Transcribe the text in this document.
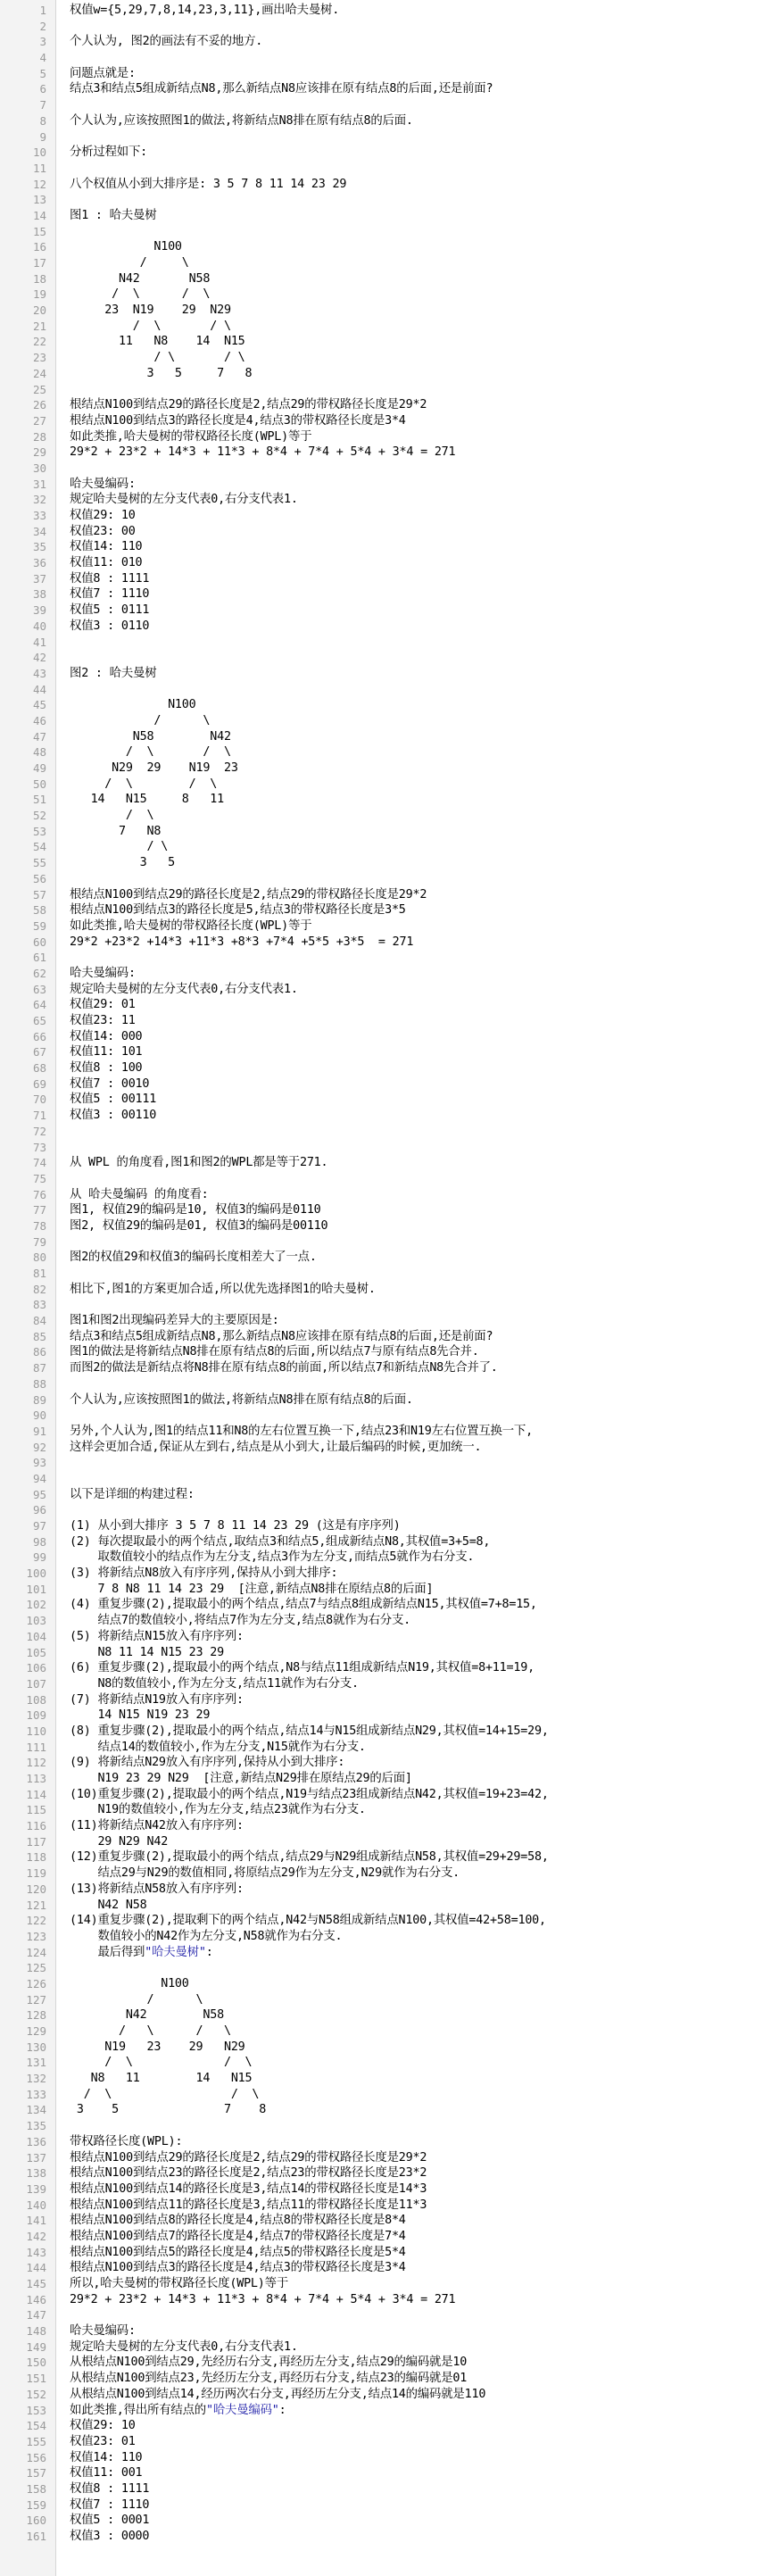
1 权值w={5,29,7,8,14,23,3,11},画出哈夫曼树.
2
3 个人认为, 图2的画法有不妥的地方.
4
5 问题点就是:
6 结点3和结点5组成新结点N8,那么新结点N8应该排在原有结点8的后面,还是前面?
7
8 个人认为,应该按照图1的做法,将新结点N8排在原有结点8的后面.
9
10 分析过程如下:
11
12 八个权值从小到大排序是: 3 5 7 8 11 14 23 29
13
14 图1 : 哈夫曼树
15
16 N100
17 /     \
18 N42       N58
19 /  \      /  \
20 23  N19    29  N29
21 /  \       / \
22 11   N8    14  N15
23 / \       / \
24 3   5     7   8
25
26 根结点N100到结点29的路径长度是2,结点29的带权路径长度是29*2
27 根结点N100到结点3的路径长度是4,结点3的带权路径长度是3*4
28 如此类推,哈夫曼树的带权路径长度(WPL)等于
29 29*2 + 23*2 + 14*3 + 11*3 + 8*4 + 7*4 + 5*4 + 3*4 = 271
30
31 哈夫曼编码:
32 规定哈夫曼树的左分支代表0,右分支代表1.
33 权值29: 10
34 权值23: 00
35 权值14: 110
36 权值11: 010
37 权值8 : 1111
38 权值7 : 1110
39 权值5 : 0111
40 权值3 : 0110
41
42
43 图2 : 哈夫曼树
44
45 N100
46 /      \
47 N58        N42
48 /  \       /  \
49 N29  29    N19  23
50 /  \        /  \
51 14   N15     8   11
52 /  \
53 7   N8
54 / \
55 3   5
56
57 根结点N100到结点29的路径长度是2,结点29的带权路径长度是29*2
58 根结点N100到结点3的路径长度是5,结点3的带权路径长度是3*5
59 如此类推,哈夫曼树的带权路径长度(WPL)等于
60 29*2 +23*2 +14*3 +11*3 +8*3 +7*4 +5*5 +3*5  = 271
61
62 哈夫曼编码:
63 规定哈夫曼树的左分支代表0,右分支代表1.
64 权值29: 01
65 权值23: 11
66 权值14: 000
67 权值11: 101
68 权值8 : 100
69 权值7 : 0010
70 权值5 : 00111
71 权值3 : 00110
72
73
74 从 WPL 的角度看,图1和图2的WPL都是等于271.
75
76 从 哈夫曼编码 的角度看:
77 图1, 权值29的编码是10, 权值3的编码是0110
78 图2, 权值29的编码是01, 权值3的编码是00110
79
80 图2的权值29和权值3的编码长度相差大了一点.
81
82 相比下,图1的方案更加合适,所以优先选择图1的哈夫曼树.
83
84 图1和图2出现编码差异大的主要原因是:
85 结点3和结点5组成新结点N8,那么新结点N8应该排在原有结点8的后面,还是前面?
86 图1的做法是将新结点N8排在原有结点8的后面,所以结点7与原有结点8先合并.
87 而图2的做法是新结点将N8排在原有结点8的前面,所以结点7和新结点N8先合并了.
88
89 个人认为,应该按照图1的做法,将新结点N8排在原有结点8的后面.
90
91 另外,个人认为,图1的结点11和N8的左右位置互换一下,结点23和N19左右位置互换一下,
92 这样会更加合适,保证从左到右,结点是从小到大,让最后编码的时候,更加统一.
93
94
95 以下是详细的构建过程:
96
97 (1) 从小到大排序 3 5 7 8 11 14 23 29 (这是有序序列)
98 (2) 每次提取最小的两个结点,取结点3和结点5,组成新结点N8,其权值=3+5=8,
99 取数值较小的结点作为左分支,结点3作为左分支,而结点5就作为右分支.
100 (3) 将新结点N8放入有序序列,保持从小到大排序:
101 7 8 N8 11 14 23 29  [注意,新结点N8排在原结点8的后面]
102 (4) 重复步骤(2),提取最小的两个结点,结点7与结点8组成新结点N15,其权值=7+8=15,
103 结点7的数值较小,将结点7作为左分支,结点8就作为右分支.
104 (5) 将新结点N15放入有序序列:
105 N8 11 14 N15 23 29
106 (6) 重复步骤(2),提取最小的两个结点,N8与结点11组成新结点N19,其权值=8+11=19,
107 N8的数值较小,作为左分支,结点11就作为右分支.
108 (7) 将新结点N19放入有序序列:
109 14 N15 N19 23 29
110 (8) 重复步骤(2),提取最小的两个结点,结点14与N15组成新结点N29,其权值=14+15=29,
111 结点14的数值较小,作为左分支,N15就作为右分支.
112 (9) 将新结点N29放入有序序列,保持从小到大排序:
113 N19 23 29 N29  [注意,新结点N29排在原结点29的后面]
114 (10)重复步骤(2),提取最小的两个结点,N19与结点23组成新结点N42,其权值=19+23=42,
115 N19的数值较小,作为左分支,结点23就作为右分支.
116 (11)将新结点N42放入有序序列:
117 29 N29 N42
118 (12)重复步骤(2),提取最小的两个结点,结点29与N29组成新结点N58,其权值=29+29=58,
119 结点29与N29的数值相同,将原结点29作为左分支,N29就作为右分支.
120 (13)将新结点N58放入有序序列:
121 N42 N58
122 (14)重复步骤(2),提取剩下的两个结点,N42与N58组成新结点N100,其权值=42+58=100,
123 数值较小的N42作为左分支,N58就作为右分支.
124 最后得到"哈夫曼树":
125
126 N100
127 /      \
128 N42        N58
129 /   \      /   \
130 N19   23    29   N29
131 /  \             /  \
132 N8   11        14   N15
133 /  \                 /  \
134 3    5               7    8
135
136 带权路径长度(WPL):
137 根结点N100到结点29的路径长度是2,结点29的带权路径长度是29*2
138 根结点N100到结点23的路径长度是2,结点23的带权路径长度是23*2
139 根结点N100到结点14的路径长度是3,结点14的带权路径长度是14*3
140 根结点N100到结点11的路径长度是3,结点11的带权路径长度是11*3
141 根结点N100到结点8的路径长度是4,结点8的带权路径长度是8*4
142 根结点N100到结点7的路径长度是4,结点7的带权路径长度是7*4
143 根结点N100到结点5的路径长度是4,结点5的带权路径长度是5*4
144 根结点N100到结点3的路径长度是4,结点3的带权路径长度是3*4
145 所以,哈夫曼树的带权路径长度(WPL)等于
146 29*2 + 23*2 + 14*3 + 11*3 + 8*4 + 7*4 + 5*4 + 3*4 = 271
147
148 哈夫曼编码:
149 规定哈夫曼树的左分支代表0,右分支代表1.
150 从根结点N100到结点29,先经历右分支,再经历左分支,结点29的编码就是10
151 从根结点N100到结点23,先经历左分支,再经历右分支,结点23的编码就是01
152 从根结点N100到结点14,经历两次右分支,再经历左分支,结点14的编码就是110
153 如此类推,得出所有结点的"哈夫曼编码":
154 权值29: 10
155 权值23: 01
156 权值14: 110
157 权值11: 001
158 权值8 : 1111
159 权值7 : 1110
160 权值5 : 0001
161 权值3 : 0000
